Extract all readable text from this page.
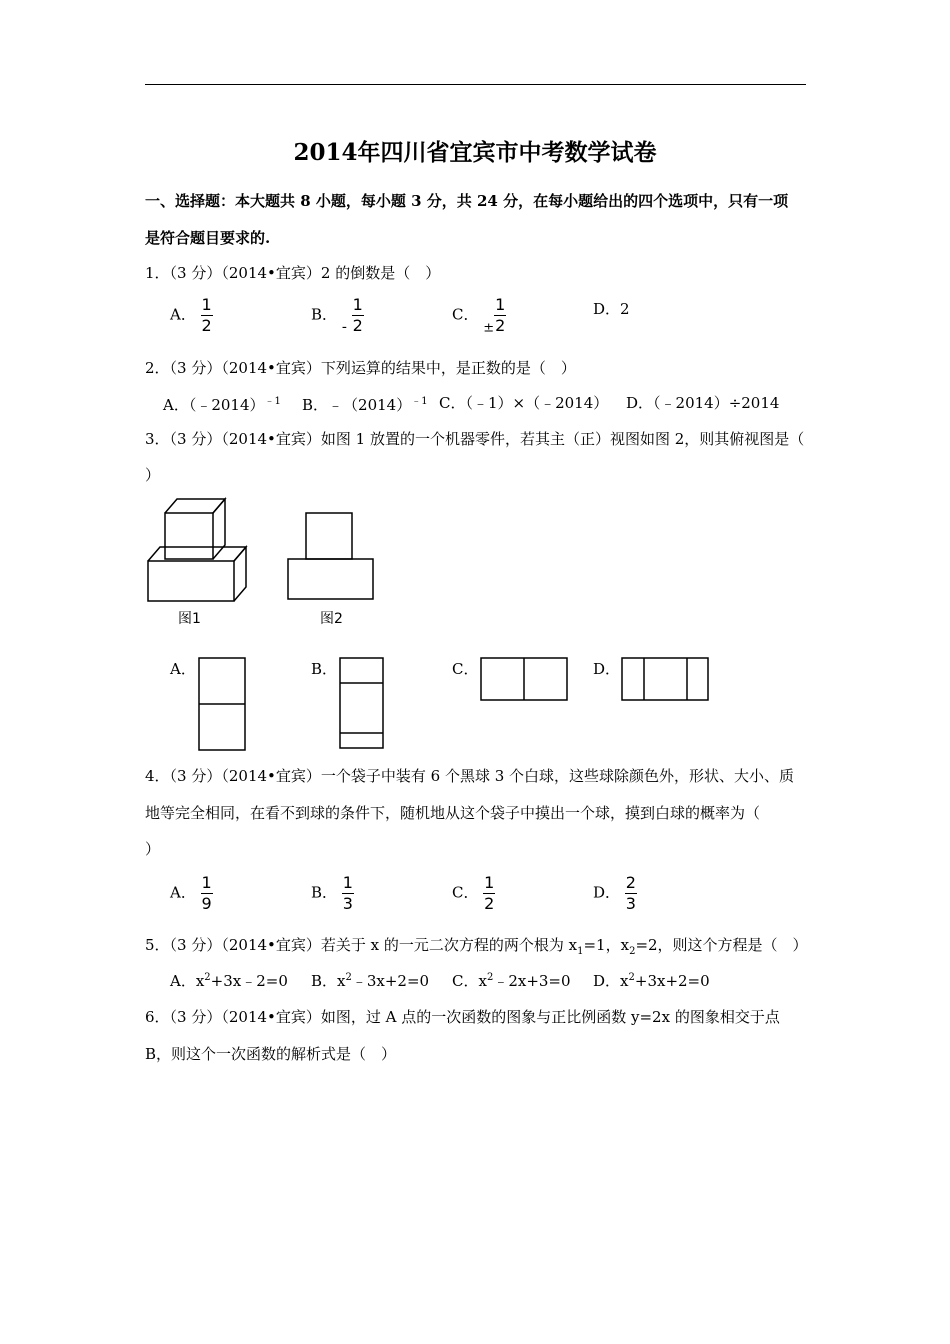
2014年四川省宜宾市中考数学试卷
一、选择题：本大题共 8 小题，每小题 3 分，共 24 分，在每小题给出的四个选项中，只有一项
是符合题目要求的.
1．（3 分）（2014•宜宾）2 的倒数是（　）
A． $\frac{1}{2}$	B． - $\frac{1}{2}$	C． ± $\frac{1}{2}$	D．2
2．（3 分）（2014•宜宾）下列运算的结果中，是正数的是（　）
A．（﹣2014）$^{﹣1}$ B．$﹣(2014)^{﹣1}$ C．（﹣1）×（﹣2014） D．（﹣2014）÷2014
3．（3 分）（2014•宜宾）如图 1 放置的一个机器零件，若其主（正）视图如图 2，则其俯视图是（
）
图1	图2
A．	B．	C．	D．
4．（3 分）（2014•宜宾）一个袋子中装有 6 个黑球 3 个白球，这些球除颜色外，形状、大小、质
地等完全相同，在看不到球的条件下，随机地从这个袋子中摸出一个球，摸到白球的概率为（
）
A． $\frac{1}{9}$	B． $\frac{1}{3}$	C． $\frac{1}{2}$	D． $\frac{2}{3}$
5．（3 分）（2014•宜宾）若关于 x 的一元二次方程的两个根为 $x_1=1$，$x_2=2$，则这个方程是（　）
A．$x^2+3x﹣2=0$ B．$x^2﹣3x+2=0$ C．$x^2﹣2x+3=0$ D．$x^2+3x+2=0$
6．（3 分）（2014•宜宾）如图，过 A 点的一次函数的图象与正比例函数 y=2x 的图象相交于点
B，则这个一次函数的解析式是（　）
